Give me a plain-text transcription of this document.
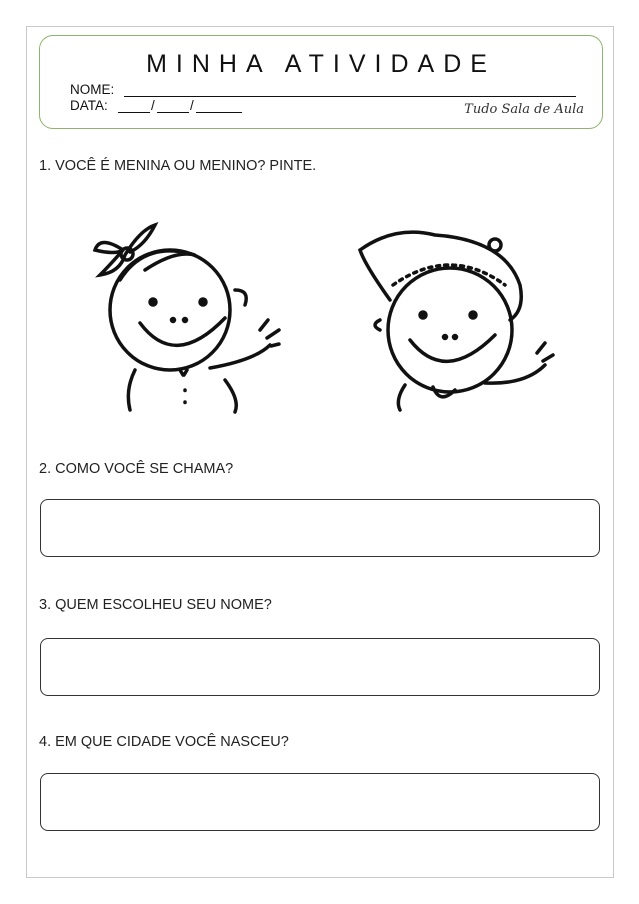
MINHA ATIVIDADE
NOME:
DATA:	/	/	Tudo Sala de Aula
1. VOCÊ É MENINA OU MENINO? PINTE.
2. COMO VOCÊ SE CHAMA?
3. QUEM ESCOLHEU SEU NOME?
4. EM QUE CIDADE VOCÊ NASCEU?
